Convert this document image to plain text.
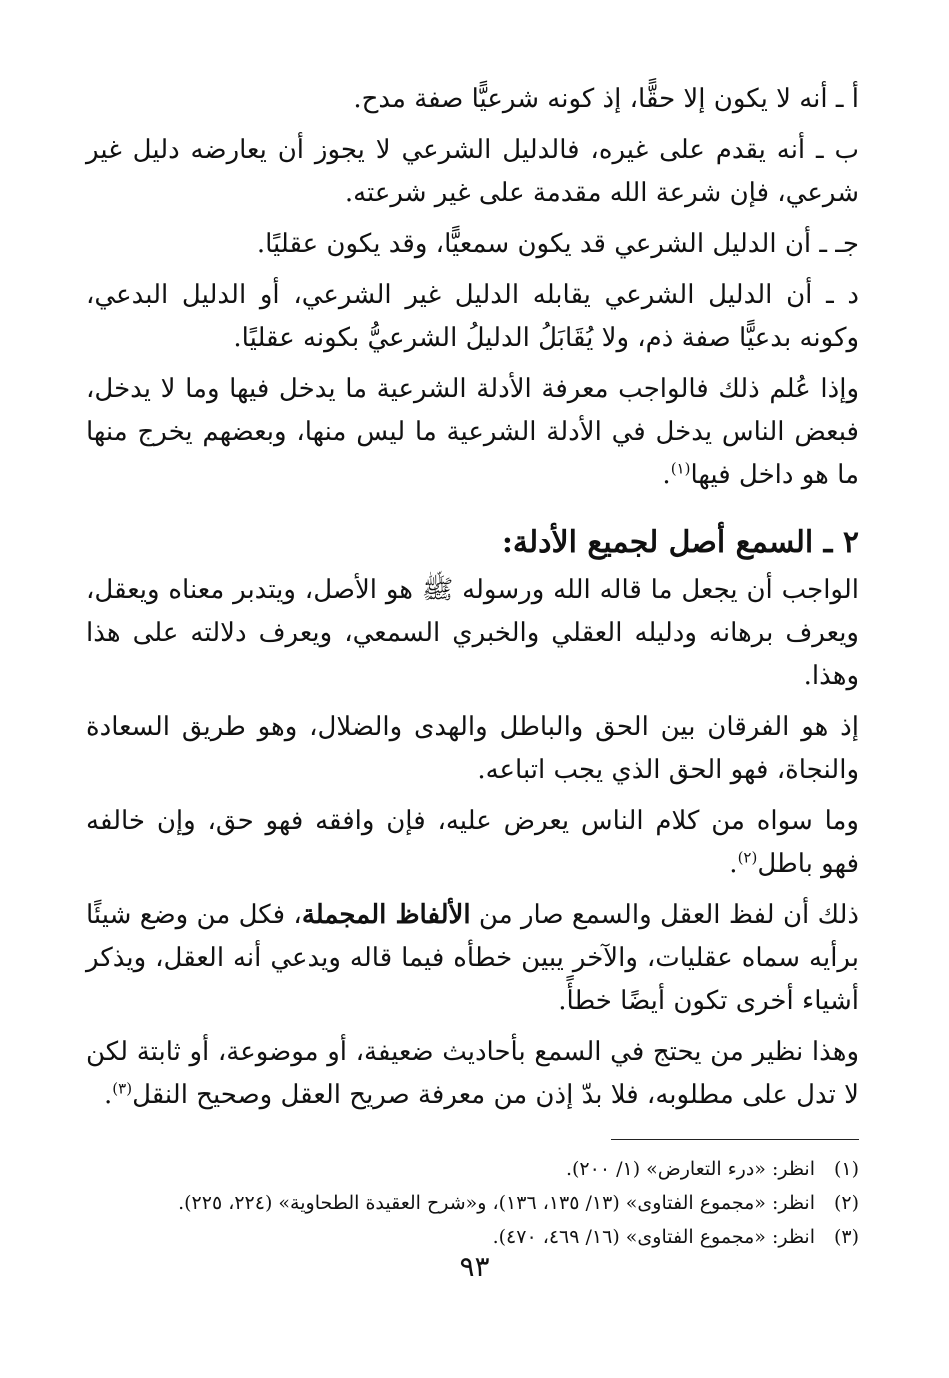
أ ـ أنه لا يكون إلا حقًّا، إذ كونه شرعيًّا صفة مدح.

ب ـ أنه يقدم على غيره، فالدليل الشرعي لا يجوز أن يعارضه دليل غير شرعي، فإن شرعة الله مقدمة على غير شرعته.

جـ ـ أن الدليل الشرعي قد يكون سمعيًّا، وقد يكون عقليًا.

د ـ أن الدليل الشرعي يقابله الدليل غير الشرعي، أو الدليل البدعي، وكونه بدعيًّا صفة ذم، ولا يُقَابَلُ الدليلُ الشرعيُّ بكونه عقليًا.

وإذا عُلم ذلك فالواجب معرفة الأدلة الشرعية ما يدخل فيها وما لا يدخل، فبعض الناس يدخل في الأدلة الشرعية ما ليس منها، وبعضهم يخرج منها ما هو داخل فيها$^{(١)}$.

٢ ـ السمع أصل لجميع الأدلة:

الواجب أن يجعل ما قاله الله ورسوله ﷺ هو الأصل، ويتدبر معناه ويعقل، ويعرف برهانه ودليله العقلي والخبري السمعي، ويعرف دلالته على هذا وهذا.

إذ هو الفرقان بين الحق والباطل والهدى والضلال، وهو طريق السعادة والنجاة، فهو الحق الذي يجب اتباعه.

وما سواه من كلام الناس يعرض عليه، فإن وافقه فهو حق، وإن خالفه فهو باطل$^{(٢)}$.

ذلك أن لفظ العقل والسمع صار من الألفاظ المجملة، فكل من وضع شيئًا برأيه سماه عقليات، والآخر يبين خطأه فيما قاله ويدعي أنه العقل، ويذكر أشياء أخرى تكون أيضًا خطأً.

وهذا نظير من يحتج في السمع بأحاديث ضعيفة، أو موضوعة، أو ثابتة لكن لا تدل على مطلوبه، فلا بدّ إذن من معرفة صريح العقل وصحيح النقل$^{(٣)}$.

(١)
انظر: «درء التعارض» (١/ ٢٠٠).
(٢)
انظر: «مجموع الفتاوى» (١٣/ ١٣٥، ١٣٦)، و«شرح العقيدة الطحاوية» (٢٢٤، ٢٢٥).
(٣)
انظر: «مجموع الفتاوى» (١٦/ ٤٦٩، ٤٧٠).
٩٣
